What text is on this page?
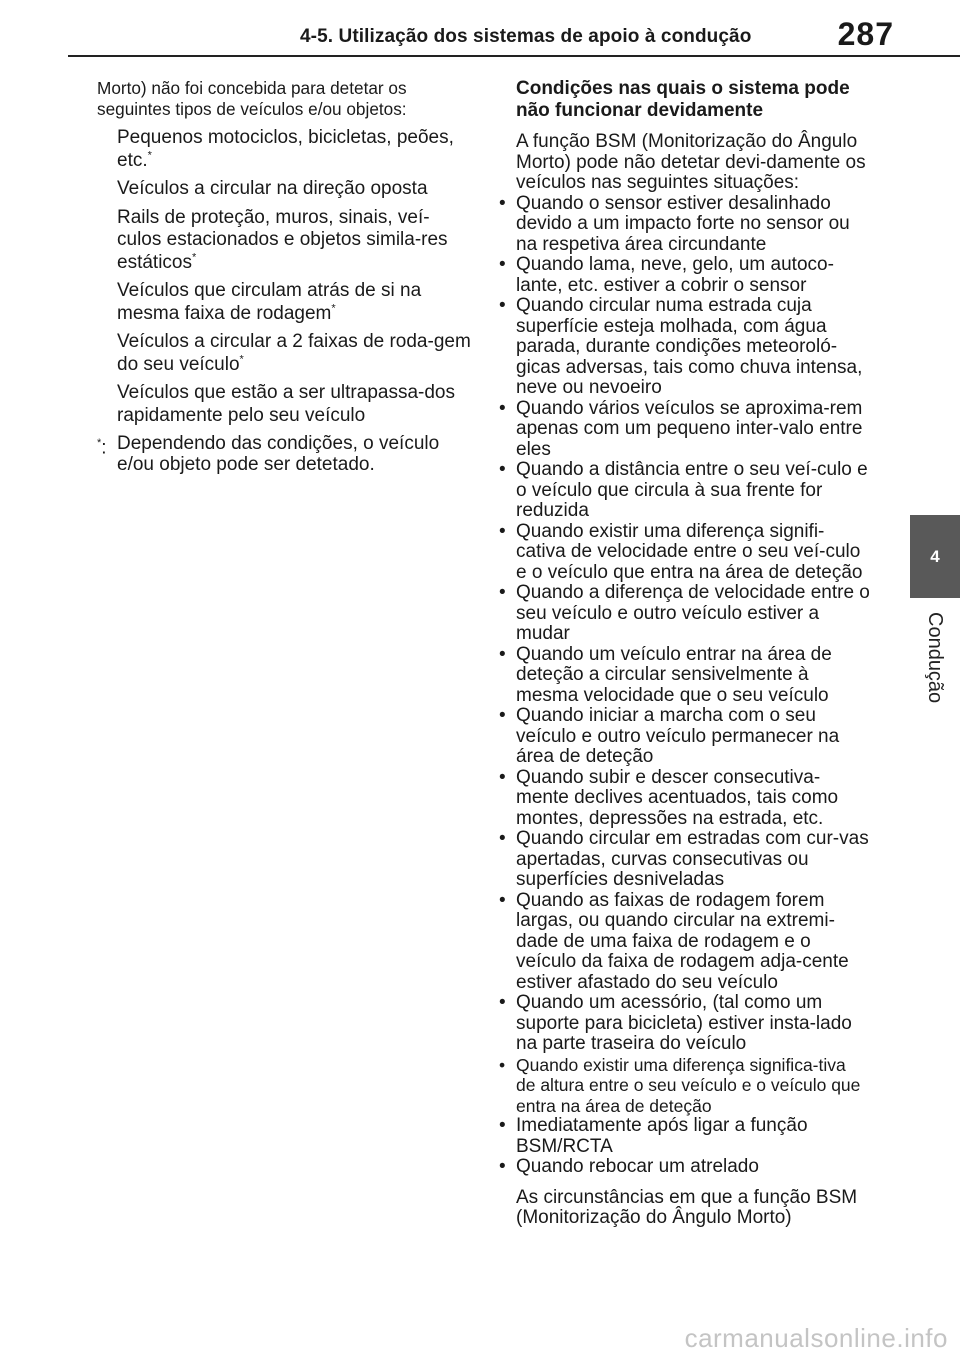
4-5. Utilização dos sistemas de apoio à condução	287
4
Condução
Morto) não foi concebida para detetar os seguintes tipos de veículos e/ou objetos:
Pequenos motociclos, bicicletas, peões, etc.*
Veículos a circular na direção oposta
Rails de proteção, muros, sinais, veí-culos estacionados e objetos simila-res estáticos*
Veículos que circulam atrás de si na mesma faixa de rodagem*
Veículos a circular a 2 faixas de roda-gem do seu veículo*
Veículos que estão a ser ultrapassa-dos rapidamente pelo seu veículo
*: Dependendo das condições, o veículo e/ou objeto pode ser detetado.
Condições nas quais o sistema pode não funcionar devidamente
A função BSM (Monitorização do Ângulo Morto) pode não detetar devi-damente os veículos nas seguintes situações:
• Quando o sensor estiver desalinhado devido a um impacto forte no sensor ou na respetiva área circundante
• Quando lama, neve, gelo, um autoco-lante, etc. estiver a cobrir o sensor
• Quando circular numa estrada cuja superfície esteja molhada, com água parada, durante condições meteoroló-gicas adversas, tais como chuva intensa, neve ou nevoeiro
• Quando vários veículos se aproxima-rem apenas com um pequeno inter-valo entre eles
• Quando a distância entre o seu veí-culo e o veículo que circula à sua frente for reduzida
• Quando existir uma diferença signifi-cativa de velocidade entre o seu veí-culo e o veículo que entra na área de deteção
• Quando a diferença de velocidade entre o seu veículo e outro veículo estiver a mudar
• Quando um veículo entrar na área de deteção a circular sensivelmente à mesma velocidade que o seu veículo
• Quando iniciar a marcha com o seu veículo e outro veículo permanecer na área de deteção
• Quando subir e descer consecutiva-mente declives acentuados, tais como montes, depressões na estrada, etc.
• Quando circular em estradas com cur-vas apertadas, curvas consecutivas ou superfícies desniveladas
• Quando as faixas de rodagem forem largas, ou quando circular na extremi-dade de uma faixa de rodagem e o veículo da faixa de rodagem adja-cente estiver afastado do seu veículo
• Quando um acessório, (tal como um suporte para bicicleta) estiver insta-lado na parte traseira do veículo
• Quando existir uma diferença significa-tiva de altura entre o seu veículo e o veículo que entra na área de deteção
• Imediatamente após ligar a função BSM/RCTA
• Quando rebocar um atrelado
As circunstâncias em que a função BSM (Monitorização do Ângulo Morto)
carmanualsonline.info
